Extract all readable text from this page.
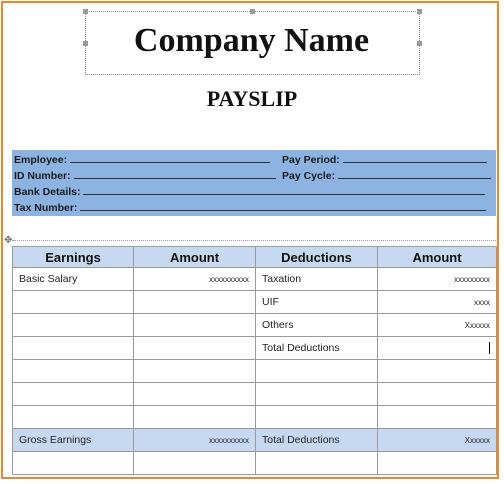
Company Name
PAYSLIP
Employee:	Pay Period:
ID Number:	Pay Cycle:
Bank Details:
Tax Number:
✥
Earnings	Amount	Deductions	Amount
Basic Salary	xxxxxxxxxx	Taxation	xxxxxxxxx
		UIF	xxxx
		Others	Xxxxxx
		Total Deductions	

Gross Earnings	xxxxxxxxxx	Total Deductions	Xxxxxx
